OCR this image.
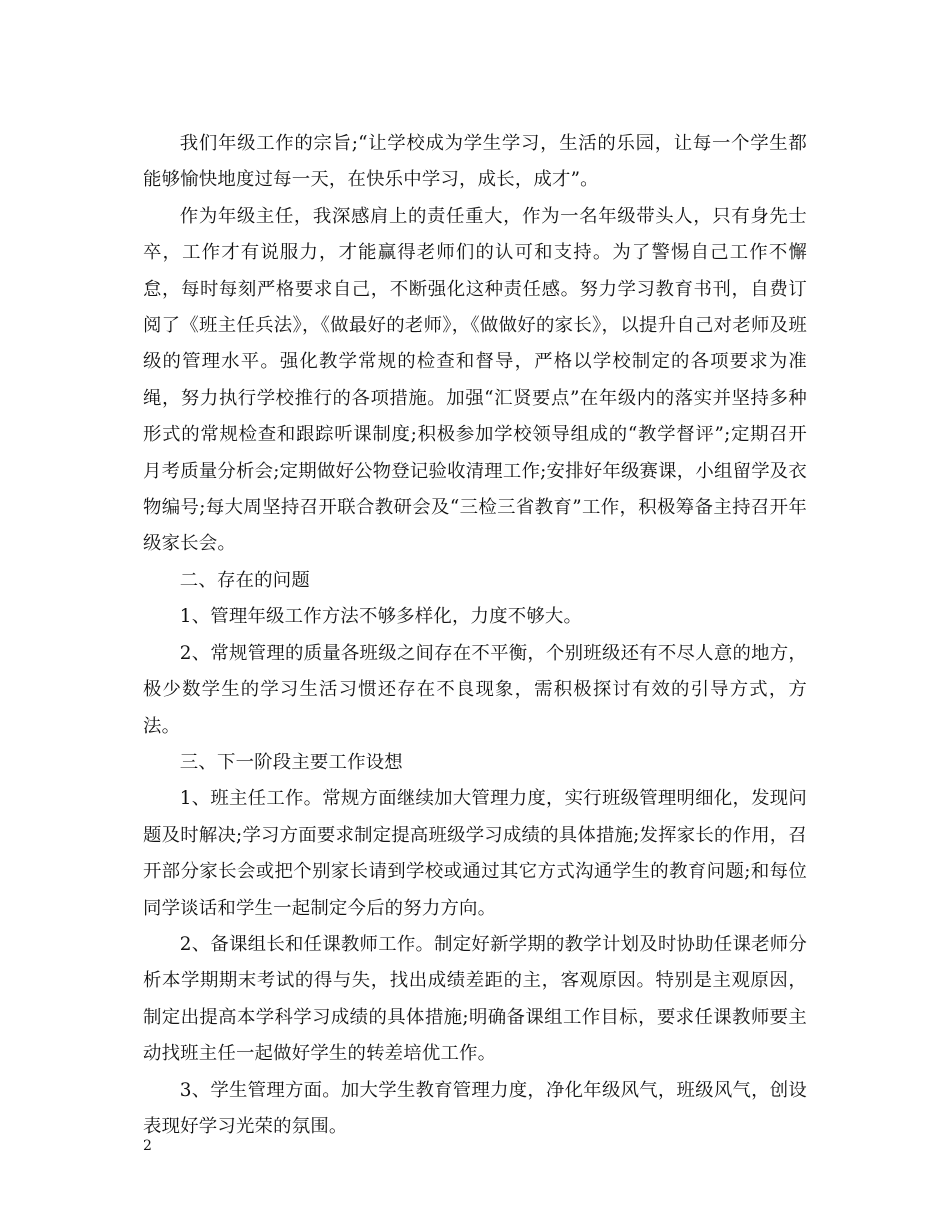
我们年级工作的宗旨;“让学校成为学生学习，生活的乐园，让每一个学生都能够愉快地度过每一天，在快乐中学习，成长，成才”。

作为年级主任，我深感肩上的责任重大，作为一名年级带头人，只有身先士卒，工作才有说服力，才能赢得老师们的认可和支持。为了警惕自己工作不懈怠，每时每刻严格要求自己，不断强化这种责任感。努力学习教育书刊，自费订阅了《班主任兵法》，《做最好的老师》，《做做好的家长》，以提升自己对老师及班级的管理水平。强化教学常规的检查和督导，严格以学校制定的各项要求为准绳，努力执行学校推行的各项措施。加强“汇贤要点”在年级内的落实并坚持多种形式的常规检查和跟踪听课制度;积极参加学校领导组成的“教学督评”;定期召开月考质量分析会;定期做好公物登记验收清理工作;安排好年级赛课，小组留学及衣物编号;每大周坚持召开联合教研会及“三检三省教育”工作，积极筹备主持召开年级家长会。

二、存在的问题

1、管理年级工作方法不够多样化，力度不够大。

2、常规管理的质量各班级之间存在不平衡，个别班级还有不尽人意的地方，极少数学生的学习生活习惯还存在不良现象，需积极探讨有效的引导方式，方法。

三、下一阶段主要工作设想

1、班主任工作。常规方面继续加大管理力度，实行班级管理明细化，发现问题及时解决;学习方面要求制定提高班级学习成绩的具体措施;发挥家长的作用，召开部分家长会或把个别家长请到学校或通过其它方式沟通学生的教育问题;和每位同学谈话和学生一起制定今后的努力方向。

2、备课组长和任课教师工作。制定好新学期的教学计划及时协助任课老师分析本学期期末考试的得与失，找出成绩差距的主，客观原因。特别是主观原因，制定出提高本学科学习成绩的具体措施;明确备课组工作目标，要求任课教师要主动找班主任一起做好学生的转差培优工作。

3、学生管理方面。加大学生教育管理力度，净化年级风气，班级风气，创设表现好学习光荣的氛围。

2
